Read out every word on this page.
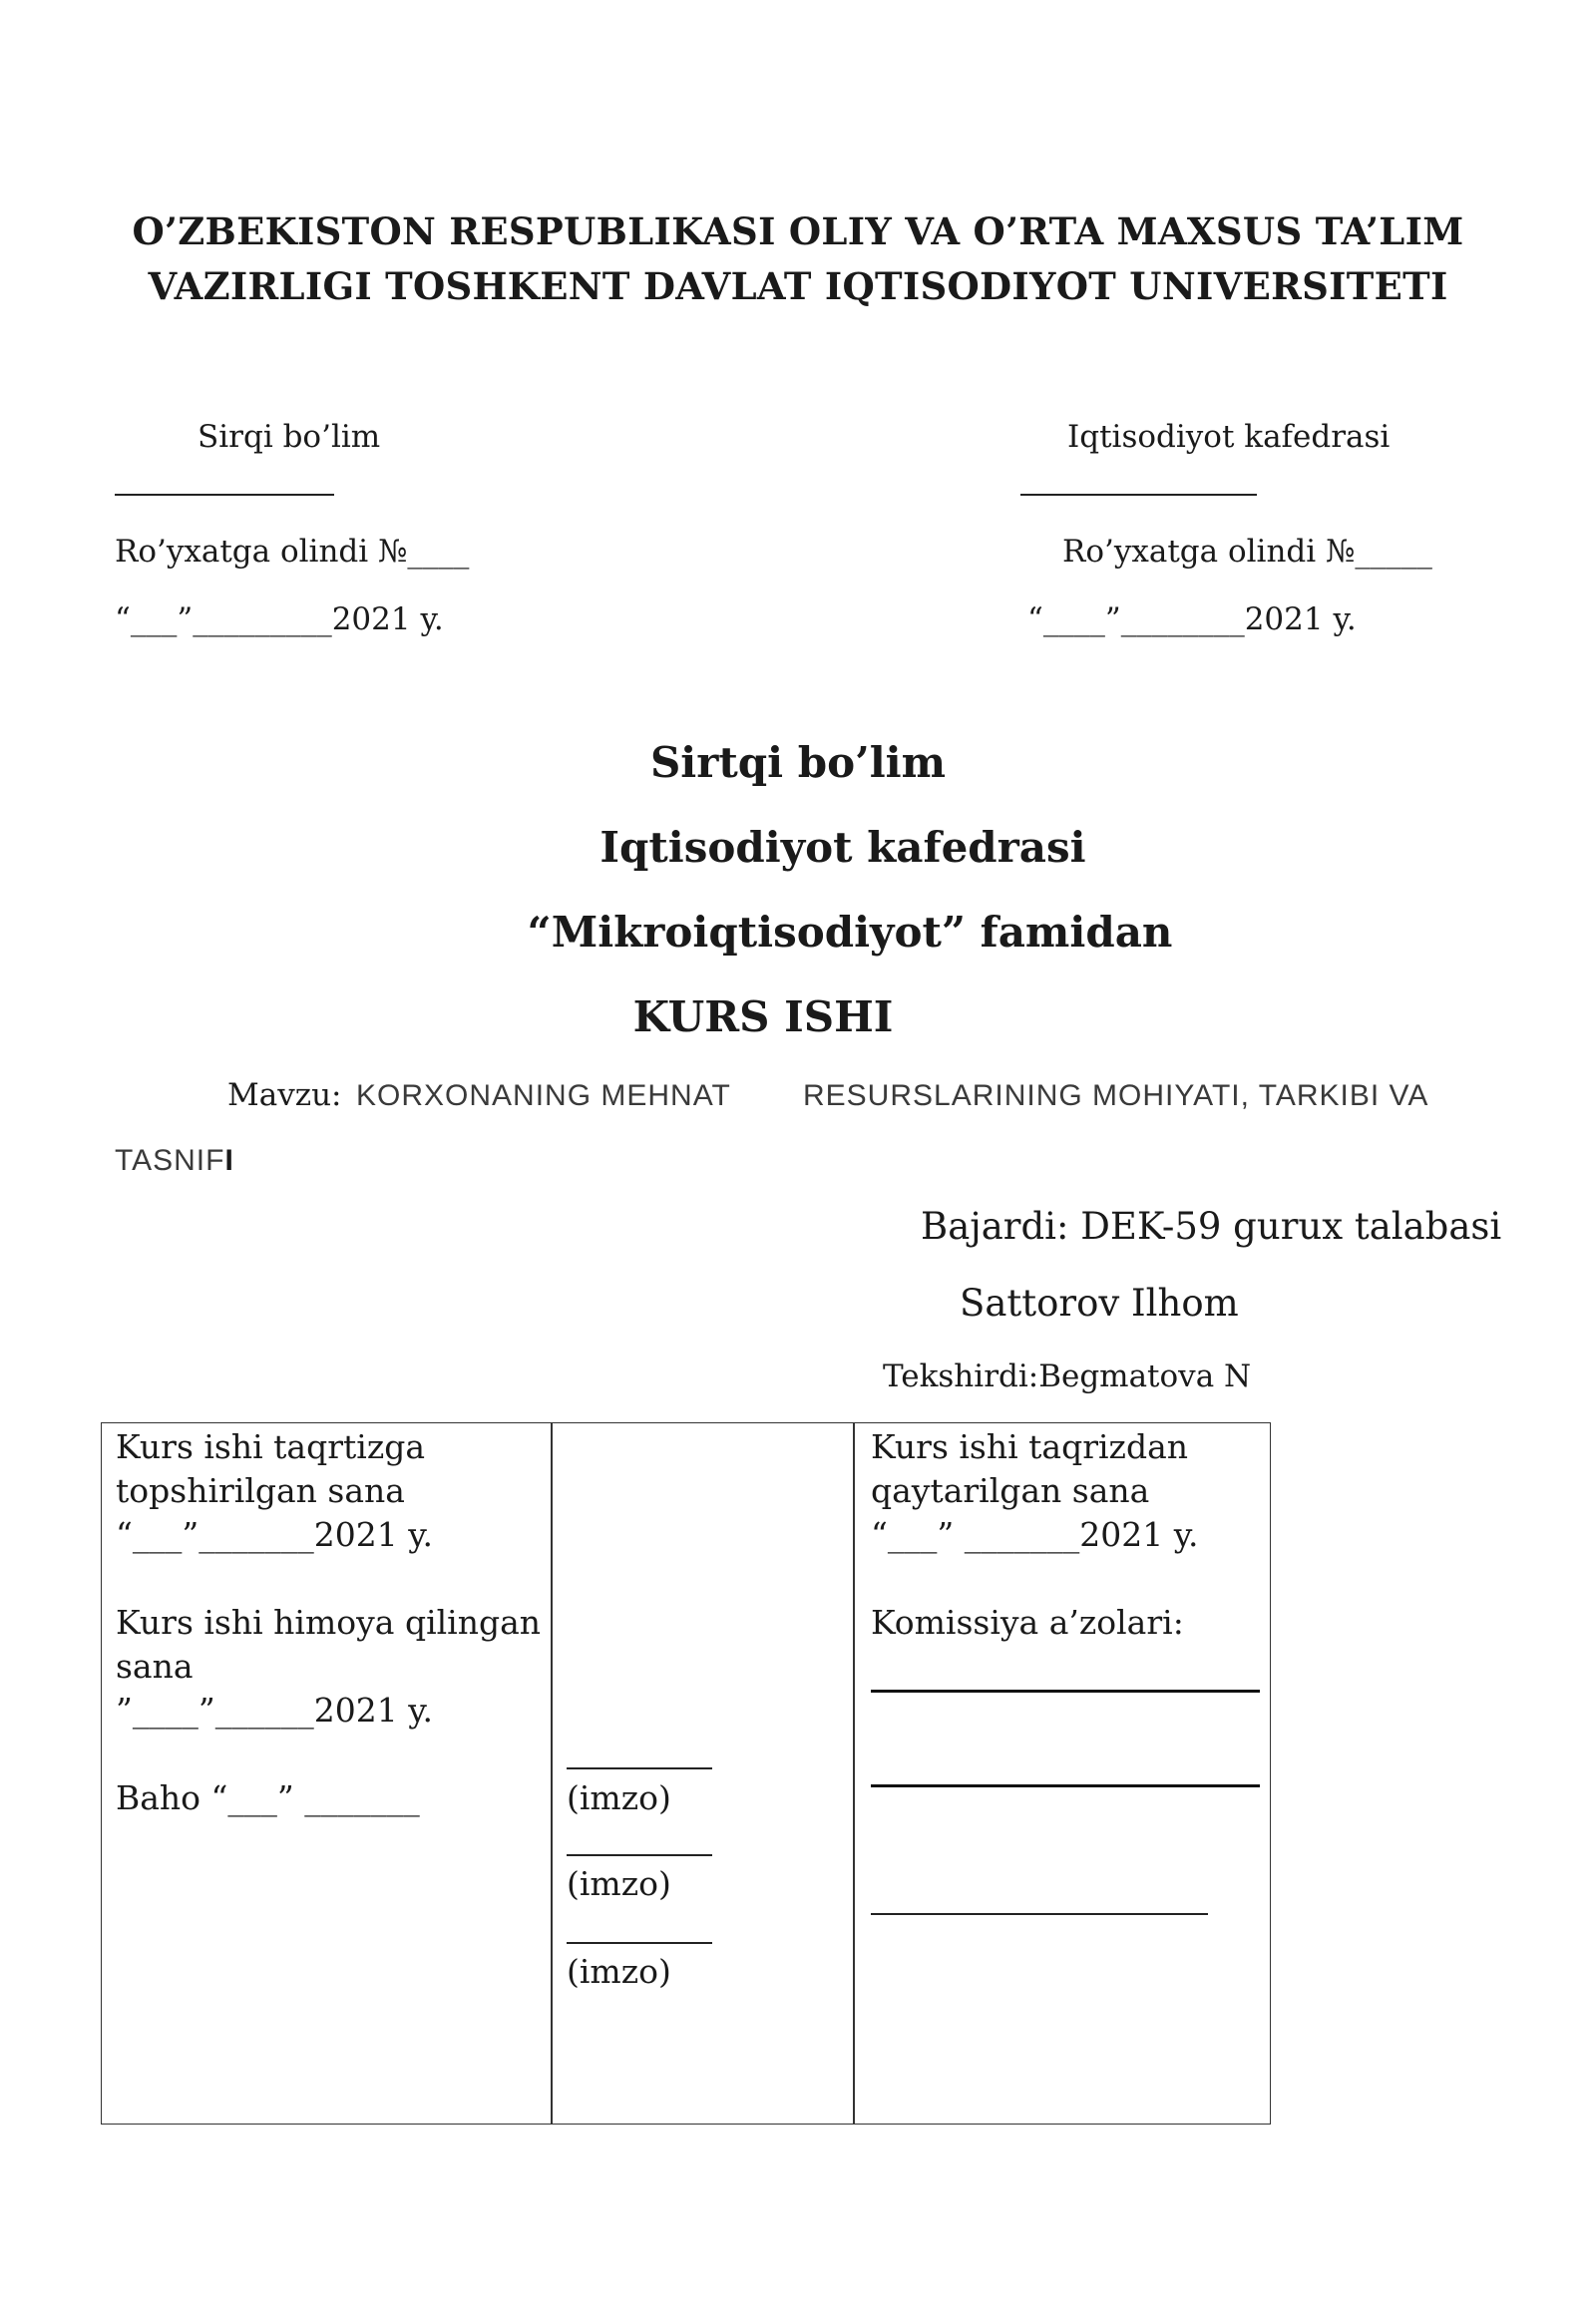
O’ZBEKISTON RESPUBLIKASI OLIY VA O’RTA MAXSUS TA’LIM
VAZIRLIGI TOSHKENT DAVLAT IQTISODIYOT UNIVERSITETI
Sirqi bo’lim
Ro’yxatga olindi №____
“___”_________2021 y.
Iqtisodiyot kafedrasi
Ro’yxatga olindi №_____
“____”________2021 y.
Sirtqi bo’lim
Iqtisodiyot kafedrasi
“Mikroiqtisodiyot” famidan
KURS ISHI
Mavzu: KORXONANING MEHNAT RESURSLARINING MOHIYATI, TARKIBI VA
TASNIFI
Bajardi: DEK-59 gurux talabasi
Sattorov Ilhom
Tekshirdi:Begmatova N
Kurs ishi taqrtizga
topshirilgan sana
“___”_______2021 y.
Kurs ishi himoya qilingan
sana
”____”______2021 y.
Baho “___” _______	(imzo)
(imzo)
(imzo)
Kurs ishi taqrizdan
qaytarilgan sana
“___” _______2021 y.
Komissiya a’zolari:
